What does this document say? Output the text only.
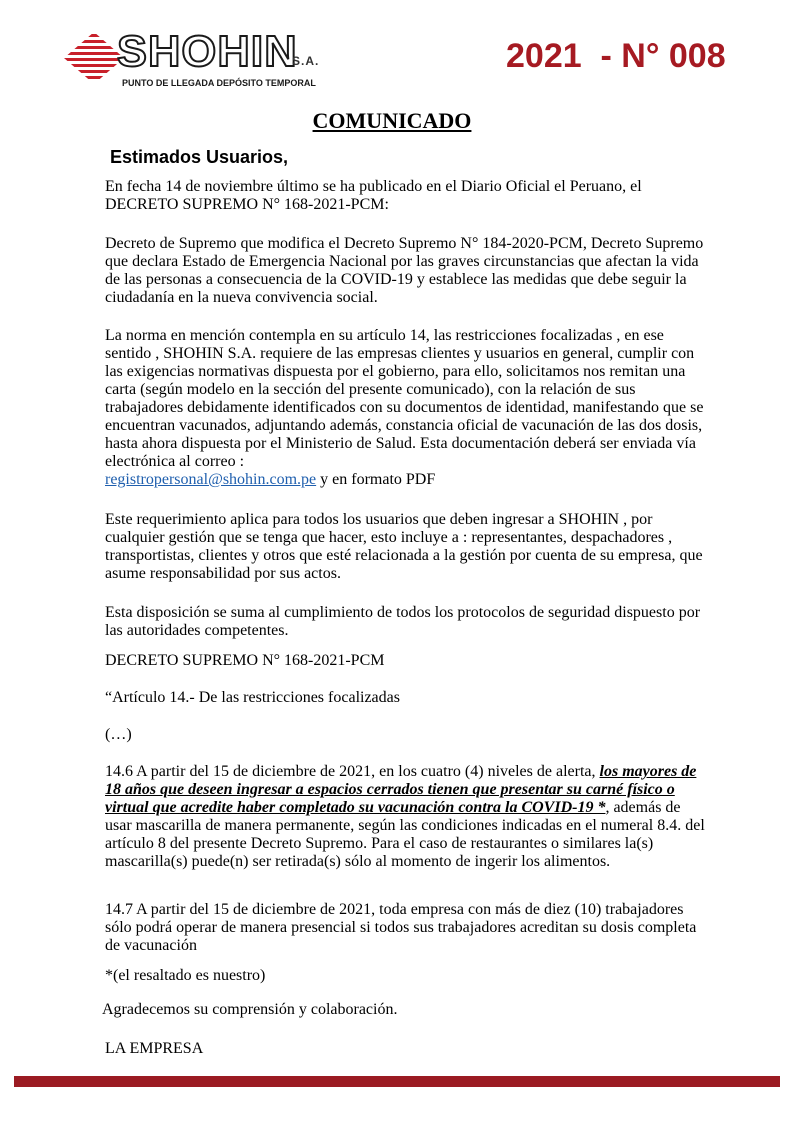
SHOHIN
S.A.
PUNTO DE LLEGADA DEPÓSITO TEMPORAL
2021  - N° 008
COMUNICADO
Estimados Usuarios,

En fecha 14 de noviembre último se ha publicado en el Diario Oficial el Peruano, el DECRETO SUPREMO N° 168-2021-PCM:

Decreto de Supremo que modifica el Decreto Supremo N° 184-2020-PCM, Decreto Supremo que declara Estado de Emergencia Nacional por las graves circunstancias que afectan la vida de las personas a consecuencia de la COVID-19 y establece las medidas que debe seguir la ciudadanía en la nueva convivencia social.

La norma en mención contempla en su artículo 14, las restricciones focalizadas , en ese sentido , SHOHIN S.A. requiere de las empresas clientes y usuarios en general, cumplir con las exigencias normativas dispuesta por el gobierno, para ello, solicitamos nos remitan una carta (según modelo en la sección del presente comunicado), con la relación de sus trabajadores debidamente identificados con su documentos de identidad, manifestando que se encuentran vacunados, adjuntando además, constancia oficial de vacunación de las dos dosis, hasta ahora dispuesta por el Ministerio de Salud. Esta documentación deberá ser enviada vía electrónica al correo :
registropersonal@shohin.com.pe y en formato PDF

Este requerimiento aplica para todos los usuarios que deben ingresar a SHOHIN , por cualquier gestión que se tenga que hacer, esto incluye a : representantes, despachadores , transportistas, clientes y otros que esté relacionada a la gestión por cuenta de su empresa, que asume responsabilidad por sus actos.

Esta disposición se suma al cumplimiento de todos los protocolos de seguridad dispuesto por las autoridades competentes.

DECRETO SUPREMO N° 168-2021-PCM

“Artículo 14.- De las restricciones focalizadas

(…)

14.6 A partir del 15 de diciembre de 2021, en los cuatro (4) niveles de alerta, los mayores de 18 años que deseen ingresar a espacios cerrados tienen que presentar su carné físico o virtual que acredite haber completado su vacunación contra la COVID-19 *, además de usar mascarilla de manera permanente, según las condiciones indicadas en el numeral 8.4. del artículo 8 del presente Decreto Supremo. Para el caso de restaurantes o similares la(s) mascarilla(s) puede(n) ser retirada(s) sólo al momento de ingerir los alimentos.

14.7 A partir del 15 de diciembre de 2021, toda empresa con más de diez (10) trabajadores sólo podrá operar de manera presencial si todos sus trabajadores acreditan su dosis completa de vacunación

*(el resaltado es nuestro)

Agradecemos su comprensión y colaboración.

LA EMPRESA
